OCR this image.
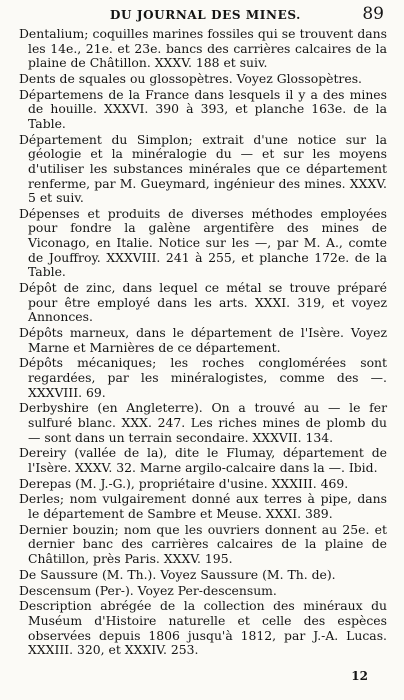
DU JOURNAL DES MINES.	89

Dentalium; coquilles marines fossiles qui se trouvent dans les 14e., 21e. et 23e. bancs des carrières calcaires de la plaine de Châtillon. XXXV. 188 et suiv.

Dents de squales ou glossopètres. Voyez Glossopètres.

Départemens de la France dans lesquels il y a des mines de houille. XXXVI. 390 à 393, et planche 163e. de la Table.

Département du Simplon; extrait d'une notice sur la géologie et la minéralogie du — et sur les moyens d'utiliser les substances minérales que ce département renferme, par M. Gueymard, ingénieur des mines. XXXV. 5 et suiv.

Dépenses et produits de diverses méthodes employées pour fondre la galène argentifère des mines de Viconago, en Italie. Notice sur les —, par M. A., comte de Jouffroy. XXXVIII. 241 à 255, et planche 172e. de la Table.

Dépôt de zinc, dans lequel ce métal se trouve préparé pour être employé dans les arts. XXXI. 319, et voyez Annonces.

Dépôts marneux, dans le département de l'Isère. Voyez Marne et Marnières de ce département.

Dépôts mécaniques; les roches conglomérées sont regardées, par les minéralogistes, comme des —. XXXVIII. 69.

Derbyshire (en Angleterre). On a trouvé au — le fer sulfuré blanc. XXX. 247. Les riches mines de plomb du — sont dans un terrain secondaire. XXXVII. 134.

Dereiry (vallée de la), dite le Flumay, département de l'Isère. XXXV. 32. Marne argilo-calcaire dans la —. Ibid.

Derepas (M. J.-G.), propriétaire d'usine. XXXIII. 469.

Derles; nom vulgairement donné aux terres à pipe, dans le département de Sambre et Meuse. XXXI. 389.

Dernier bouzin; nom que les ouvriers donnent au 25e. et dernier banc des carrières calcaires de la plaine de Châtillon, près Paris. XXXV. 195.

De Saussure (M. Th.). Voyez Saussure (M. Th. de).

Descensum (Per-). Voyez Per-descensum.

Description abrégée de la collection des minéraux du Muséum d'Histoire naturelle et celle des espèces observées depuis 1806 jusqu'à 1812, par J.-A. Lucas. XXXIII. 320, et XXXIV. 253.

12
